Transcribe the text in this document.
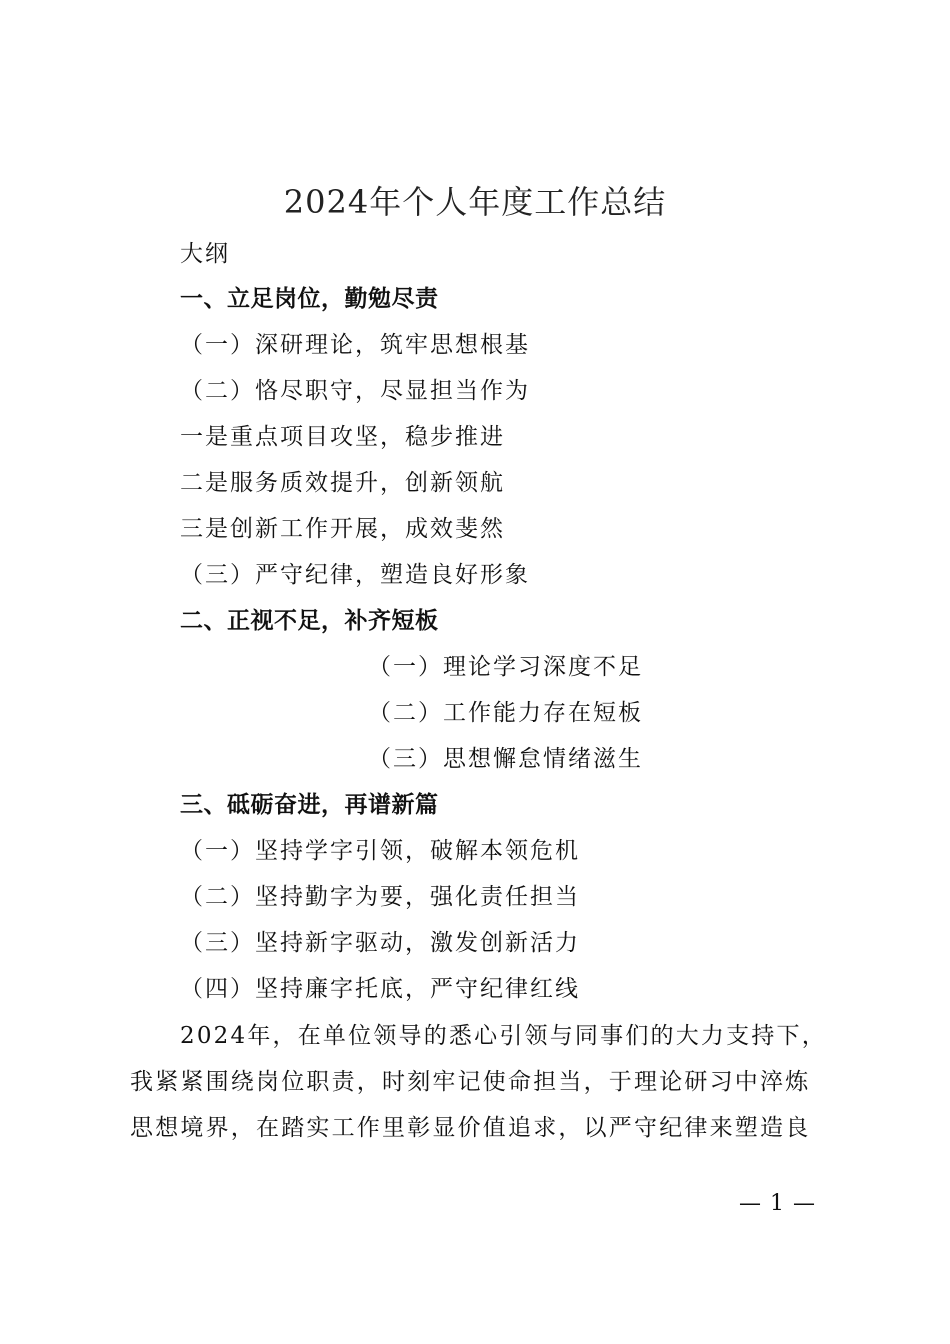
2024年个人年度工作总结
大纲
一、立足岗位，勤勉尽责
（一）深研理论，筑牢思想根基
（二）恪尽职守，尽显担当作为
一是重点项目攻坚，稳步推进
二是服务质效提升，创新领航
三是创新工作开展，成效斐然
（三）严守纪律，塑造良好形象
二、正视不足，补齐短板
（一）理论学习深度不足
（二）工作能力存在短板
（三）思想懈怠情绪滋生
三、砥砺奋进，再谱新篇
（一）坚持学字引领，破解本领危机
（二）坚持勤字为要，强化责任担当
（三）坚持新字驱动，激发创新活力
（四）坚持廉字托底，严守纪律红线
2024年，在单位领导的悉心引领与同事们的大力支持下，
我紧紧围绕岗位职责，时刻牢记使命担当，于理论研习中淬炼
思想境界，在踏实工作里彰显价值追求，以严守纪律来塑造良
— 1 —
